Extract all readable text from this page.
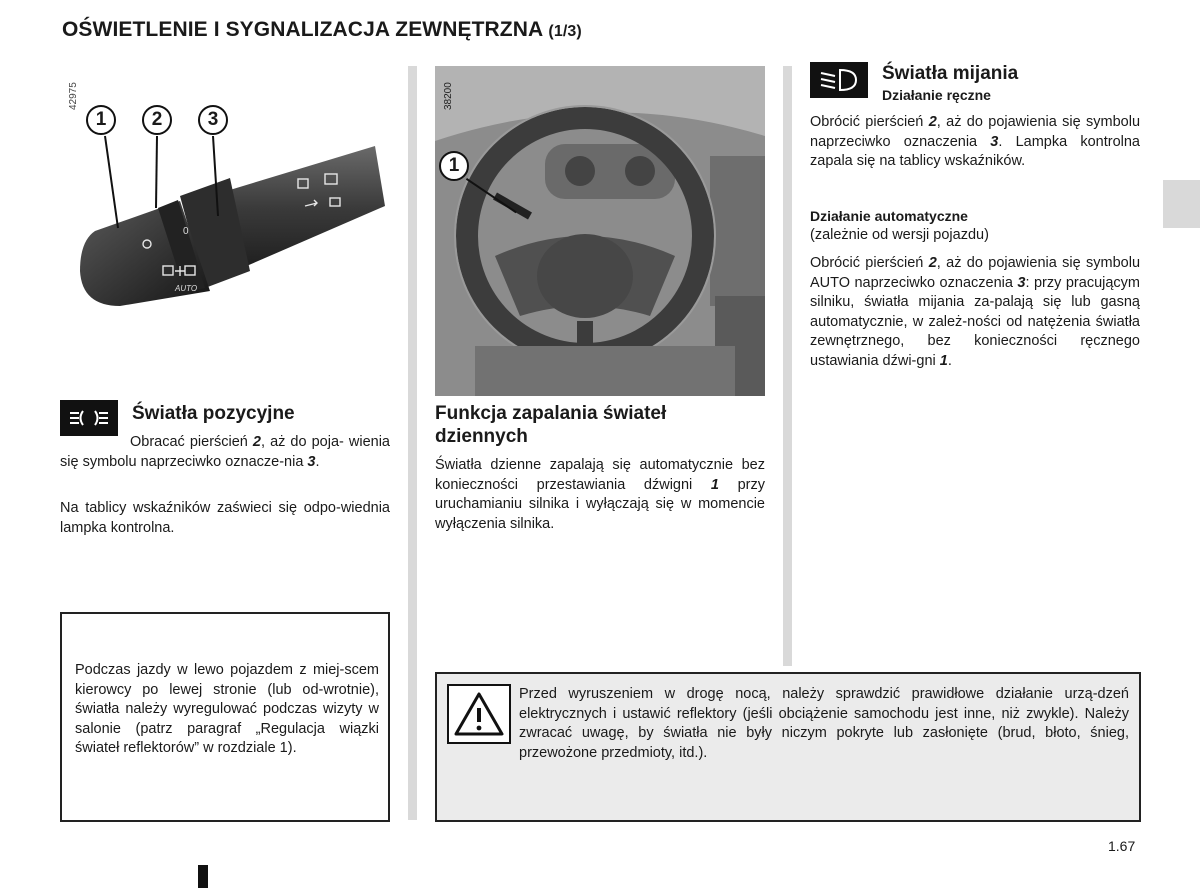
OŚWIETLENIE I SYGNALIZACJA ZEWNĘTRZNA (1/3)
42975
0
AUTO
1	2	3
38200
1
Światła pozycyjne

Obracać pierścień 2, aż do poja- wienia się symbolu naprzeciwko oznacze-nia 3.

Na tablicy wskaźników zaświeci się odpo-wiednia lampka kontrolna.

Funkcja zapalania świateł dziennych

Światła dzienne zapalają się automatycznie bez konieczności przestawiania dźwigni 1 przy uruchamianiu silnika i wyłączają się w momencie wyłączenia silnika.

Światła mijania
Działanie ręczne

Obrócić pierścień 2, aż do pojawienia się symbolu naprzeciwko oznaczenia 3. Lampka kontrolna zapala się na tablicy wskaźników.

Działanie automatyczne

(zależnie od wersji pojazdu)

Obrócić pierścień 2, aż do pojawienia się symbolu AUTO naprzeciwko oznaczenia 3: przy pracującym silniku, światła mijania za-palają się lub gasną automatycznie, w zależ-ności od natężenia światła zewnętrznego, bez konieczności ręcznego ustawiania dźwi-gni 1.

Podczas jazdy w lewo pojazdem z miej-scem kierowcy po lewej stronie (lub od-wrotnie), światła należy wyregulować podczas wizyty w salonie (patrz paragraf „Regulacja wiązki świateł reflektorów” w rozdziale 1).

Przed wyruszeniem w drogę nocą, należy sprawdzić prawidłowe działanie urzą-dzeń elektrycznych i ustawić reflektory (jeśli obciążenie samochodu jest inne, niż zwykle). Należy zwracać uwagę, by światła nie były niczym pokryte lub zasłonięte (brud, błoto, śnieg, przewożone przedmioty, itd.).

1.67
